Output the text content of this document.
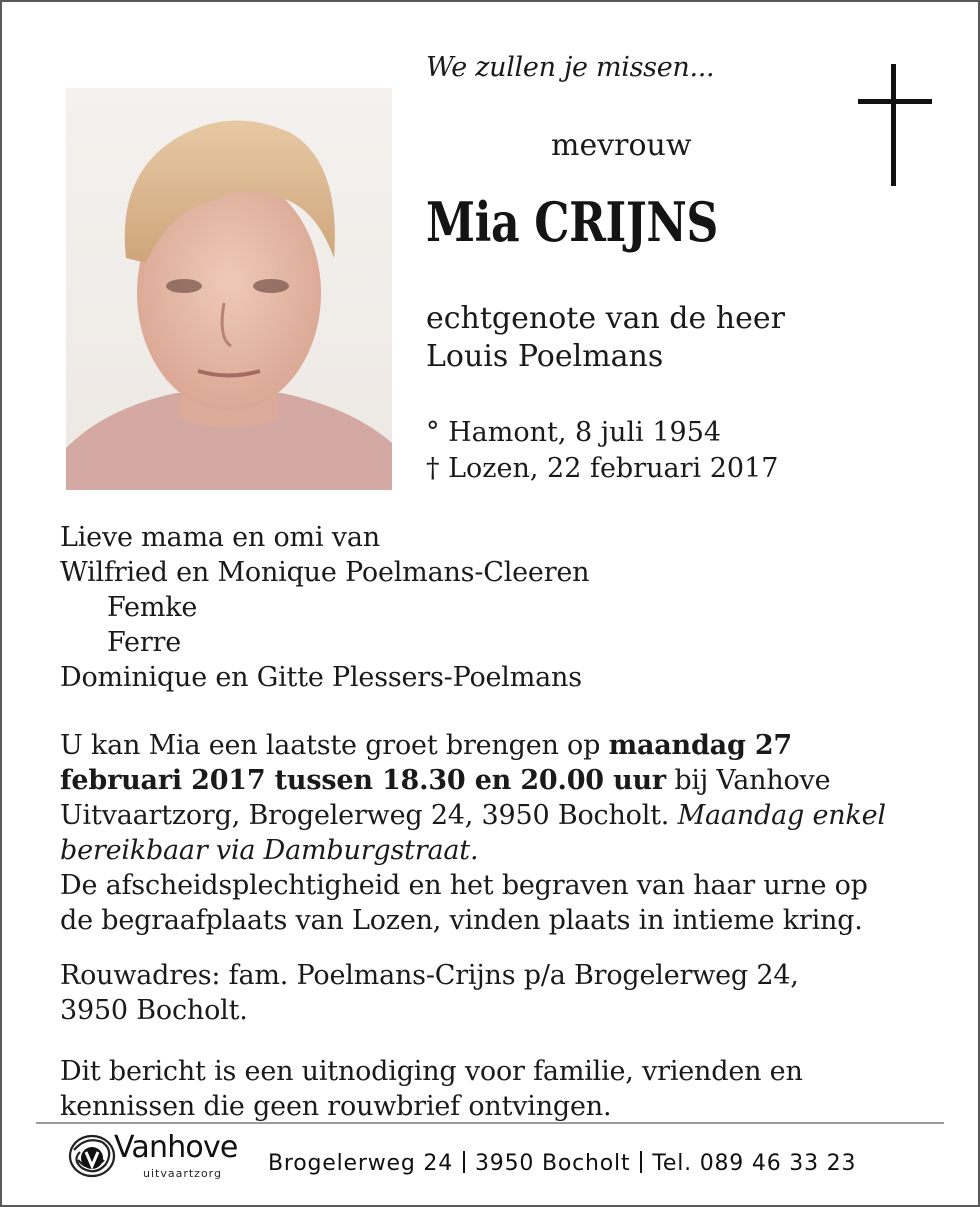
We zullen je missen...

mevrouw

Mia CRIJNS

echtgenote van de heer
Louis Poelmans
° Hamont, 8 juli 1954
† Lozen, 22 februari 2017
Lieve mama en omi van
Wilfried en Monique Poelmans-Cleeren
Femke
Ferre
Dominique en Gitte Plessers-Poelmans
U kan Mia een laatste groet brengen op maandag 27
februari 2017 tussen 18.30 en 20.00 uur bij Vanhove
Uitvaartzorg, Brogelerweg 24, 3950 Bocholt. Maandag enkel
bereikbaar via Damburgstraat.
De afscheidsplechtigheid en het begraven van haar urne op
de begraafplaats van Lozen, vinden plaats in intieme kring.
Rouwadres: fam. Poelmans-Crijns p/a Brogelerweg 24,
3950 Bocholt.
Dit bericht is een uitnodiging voor familie, vrienden en
kennissen die geen rouwbrief ontvingen.
Vanhove
uitvaartzorg Brogelerweg 24 3950 Bocholt Tel. 089 46 33 23
